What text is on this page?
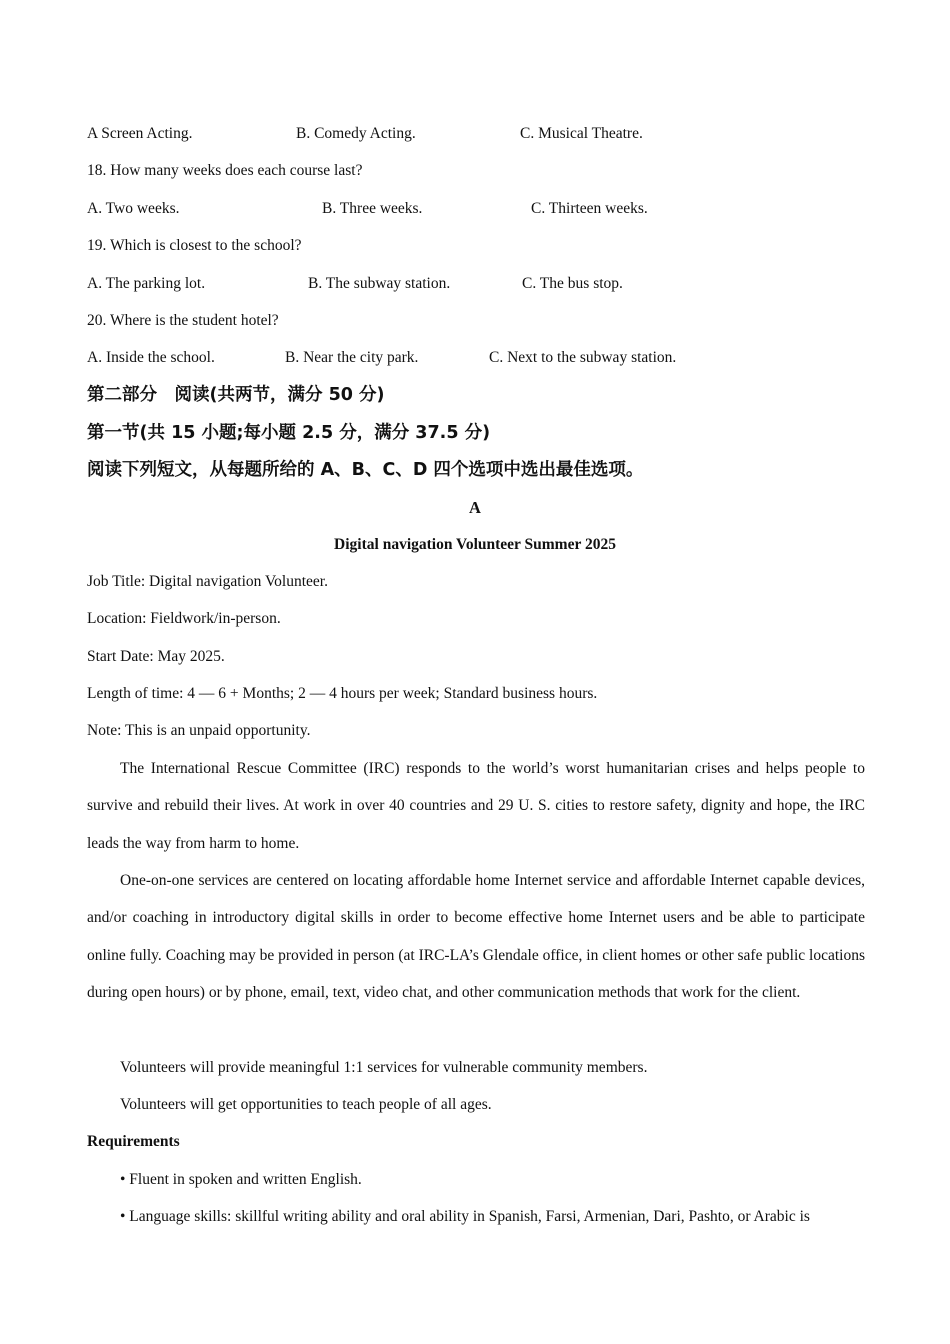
A Screen Acting.	B. Comedy Acting.	C. Musical Theatre.
18. How many weeks does each course last?
A. Two weeks.	B. Three weeks.	C. Thirteen weeks.
19. Which is closest to the school?
A. The parking lot.	B. The subway station.	C. The bus stop.
20. Where is the student hotel?
A. Inside the school.	B. Near the city park.	C. Next to the subway station.
第二部分　阅读(共两节，满分 50 分)
第一节(共 15 小题;每小题 2.5 分，满分 37.5 分)
阅读下列短文，从每题所给的 A、B、C、D 四个选项中选出最佳选项。
A
Digital navigation Volunteer Summer 2025
Job Title: Digital navigation Volunteer.
Location: Fieldwork/in-person.
Start Date: May 2025.
Length of time: 4 — 6 + Months; 2 — 4 hours per week; Standard business hours.
Note: This is an unpaid opportunity.

The International Rescue Committee (IRC) responds to the world’s worst humanitarian crises and helps people to survive and rebuild their lives. At work in over 40 countries and 29 U. S. cities to restore safety, dignity and hope, the IRC leads the way from harm to home.

One-on-one services are centered on locating affordable home Internet service and affordable Internet capable devices, and/or coaching in introductory digital skills in order to become effective home Internet users and be able to participate online fully. Coaching may be provided in person (at IRC-LA’s Glendale office, in client homes or other safe public locations during open hours) or by phone, email, text, video chat, and other communication methods that work for the client.

Volunteers will provide meaningful 1:1 services for vulnerable community members.

Volunteers will get opportunities to teach people of all ages.

Requirements
• Fluent in spoken and written English.
• Language skills: skillful writing ability and oral ability in Spanish, Farsi, Armenian, Dari, Pashto, or Arabic is
